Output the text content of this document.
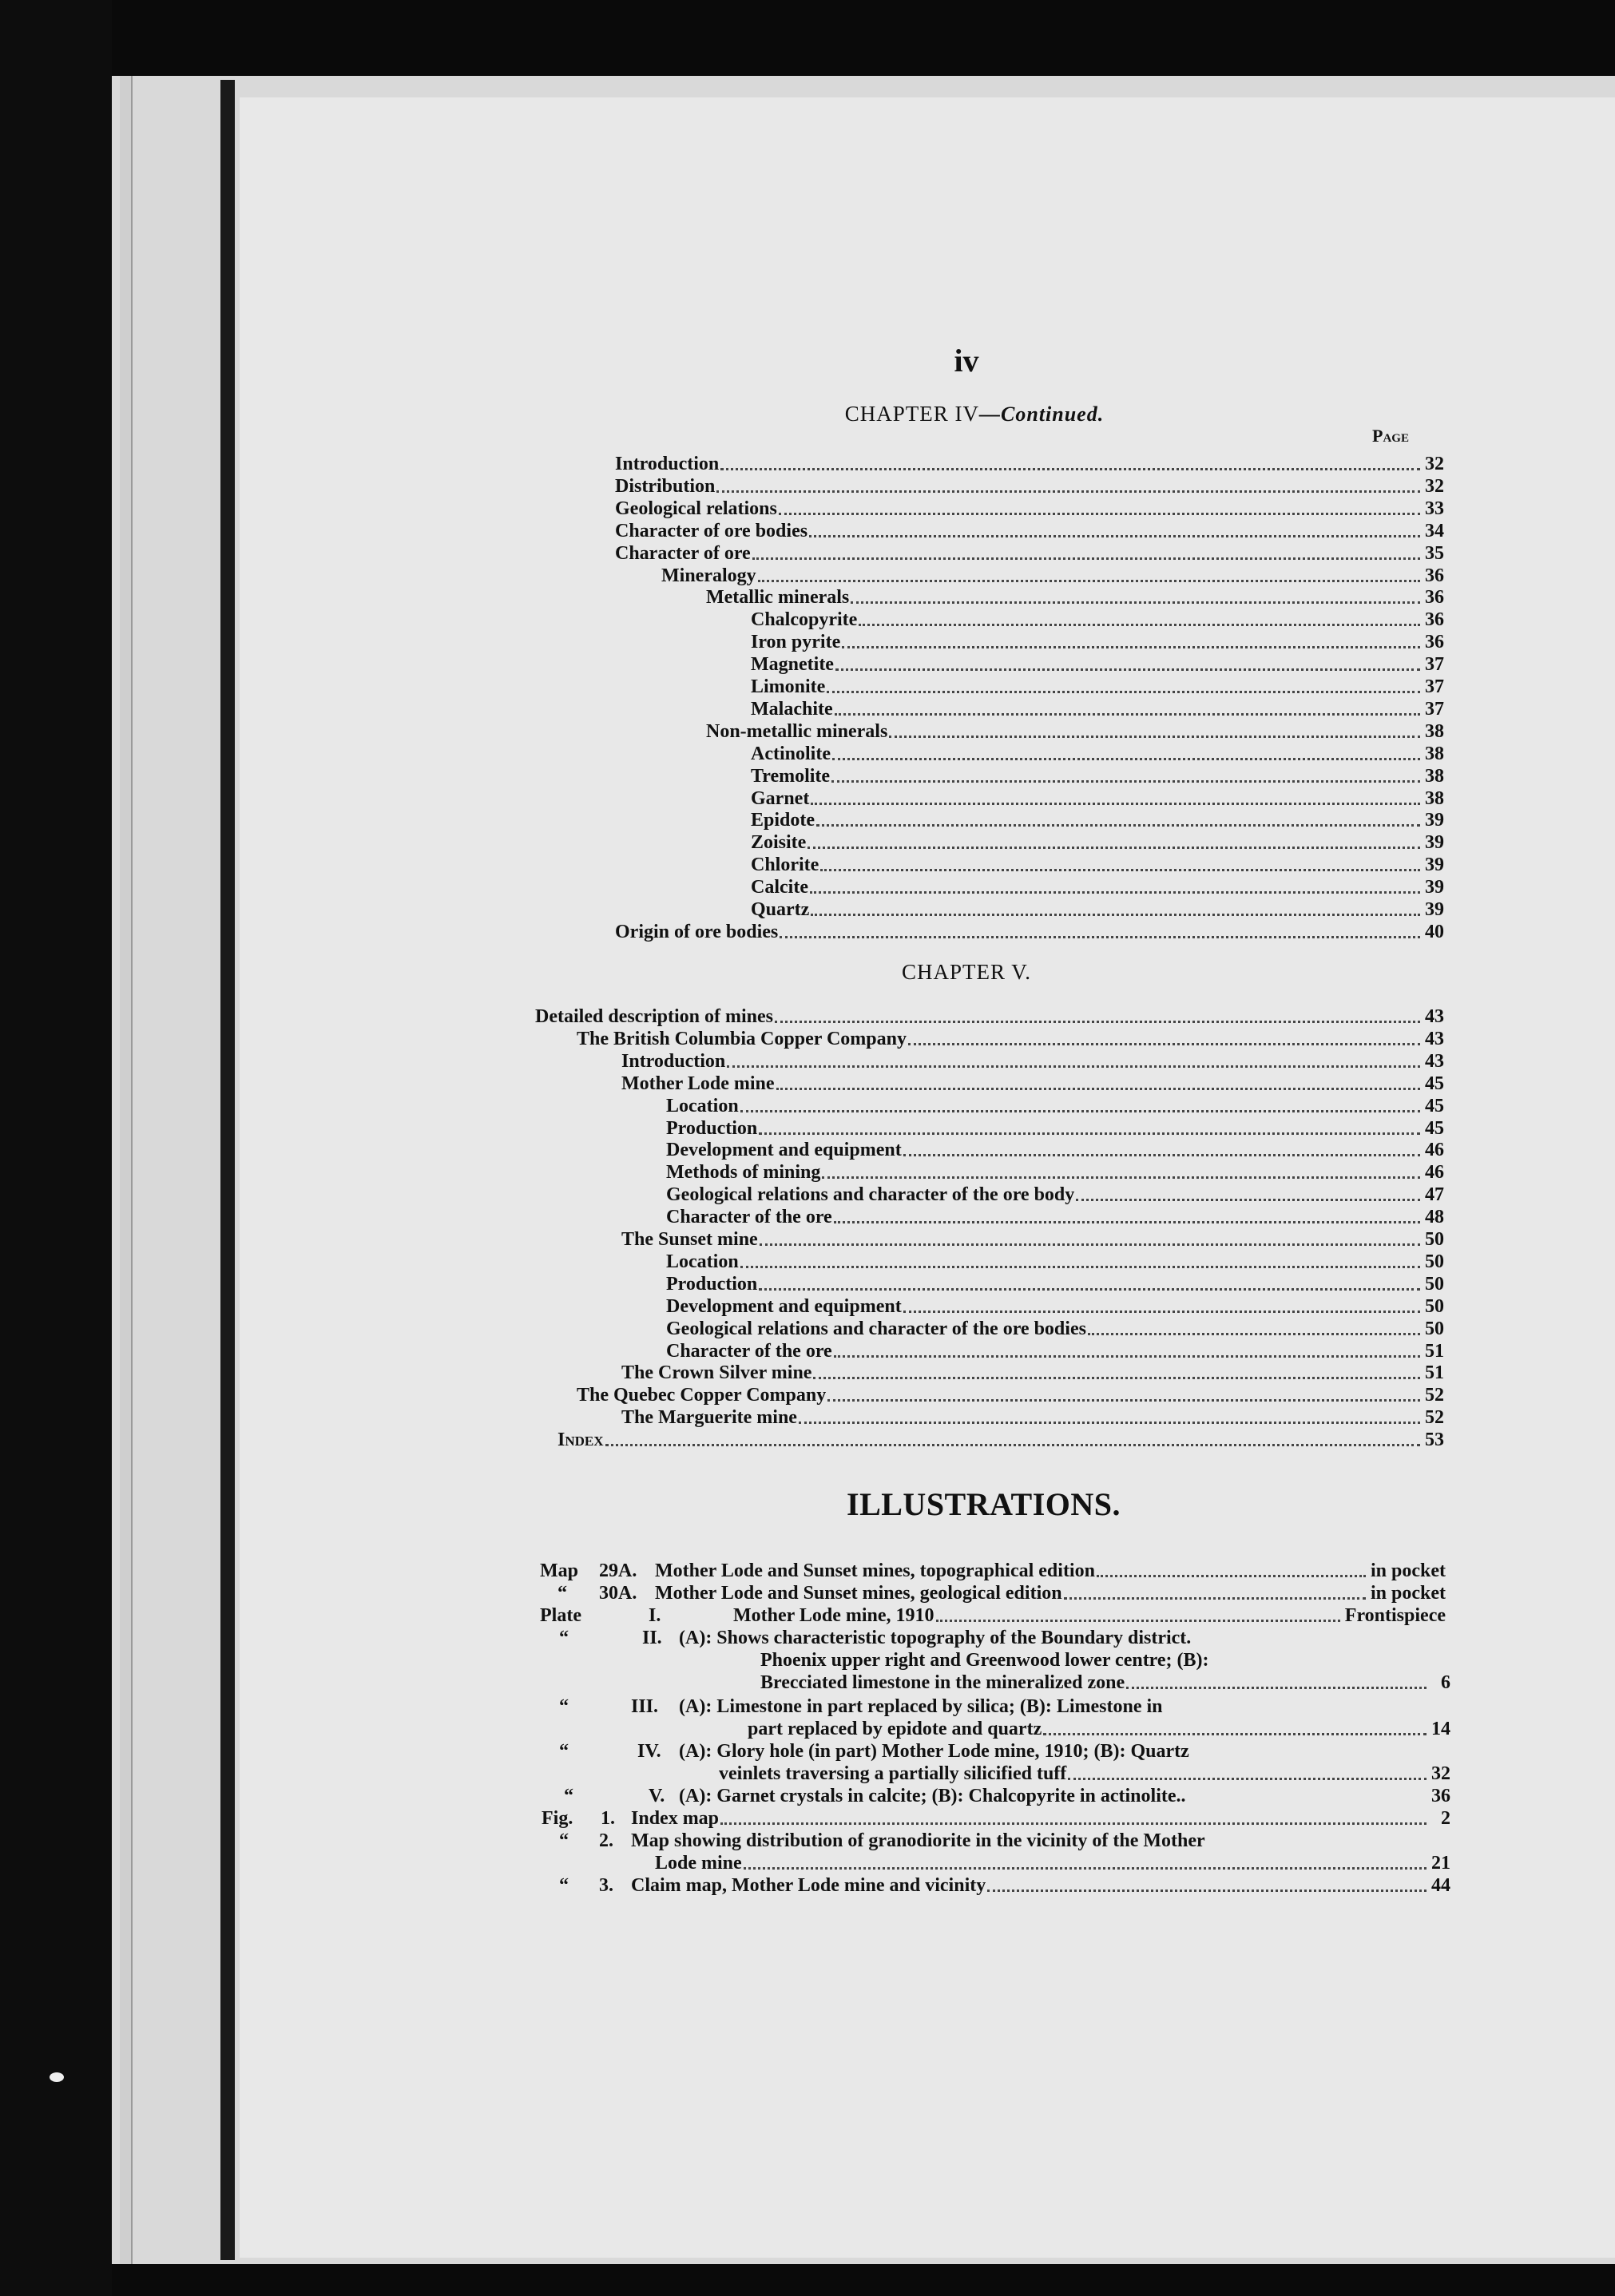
iv
CHAPTER IV—Continued.
Page
Introduction	32
Distribution	32
Geological relations	33
Character of ore bodies	34
Character of ore	35
Mineralogy	36
Metallic minerals	36
Chalcopyrite	36
Iron pyrite	36
Magnetite	37
Limonite	37
Malachite	37
Non-metallic minerals	38
Actinolite	38
Tremolite	38
Garnet	38
Epidote	39
Zoisite	39
Chlorite	39
Calcite	39
Quartz	39
Origin of ore bodies	40
CHAPTER V.
Detailed description of mines	43
The British Columbia Copper Company	43
Introduction	43
Mother Lode mine	45
Location	45
Production	45
Development and equipment	46
Methods of mining	46
Geological relations and character of the ore body	47
Character of the ore	48
The Sunset mine	50
Location	50
Production	50
Development and equipment	50
Geological relations and character of the ore bodies	50
Character of the ore	51
The Crown Silver mine	51
The Quebec Copper Company	52
The Marguerite mine	52
Index	53
ILLUSTRATIONS.
Map 29A. Mother Lode and Sunset mines, topographical edition	in pocket
“ 30A. Mother Lode and Sunset mines, geological edition	in pocket
Plate	I.	Mother Lode mine, 1910	Frontispiece
“	II. (A): Shows characteristic topography of the Boundary district.
Phoenix upper right and Greenwood lower centre; (B):
Brecciated limestone in the mineralized zone	6
“	III. (A): Limestone in part replaced by silica; (B): Limestone in
part replaced by epidote and quartz	14
“	IV. (A): Glory hole (in part) Mother Lode mine, 1910; (B): Quartz
veinlets traversing a partially silicified tuff	32
“	V. (A): Garnet crystals in calcite; (B): Chalcopyrite in actinolite..	36
Fig. 1. Index map	2
“ 2. Map showing distribution of granodiorite in the vicinity of the Mother
Lode mine	21
“ 3. Claim map, Mother Lode mine and vicinity	44
